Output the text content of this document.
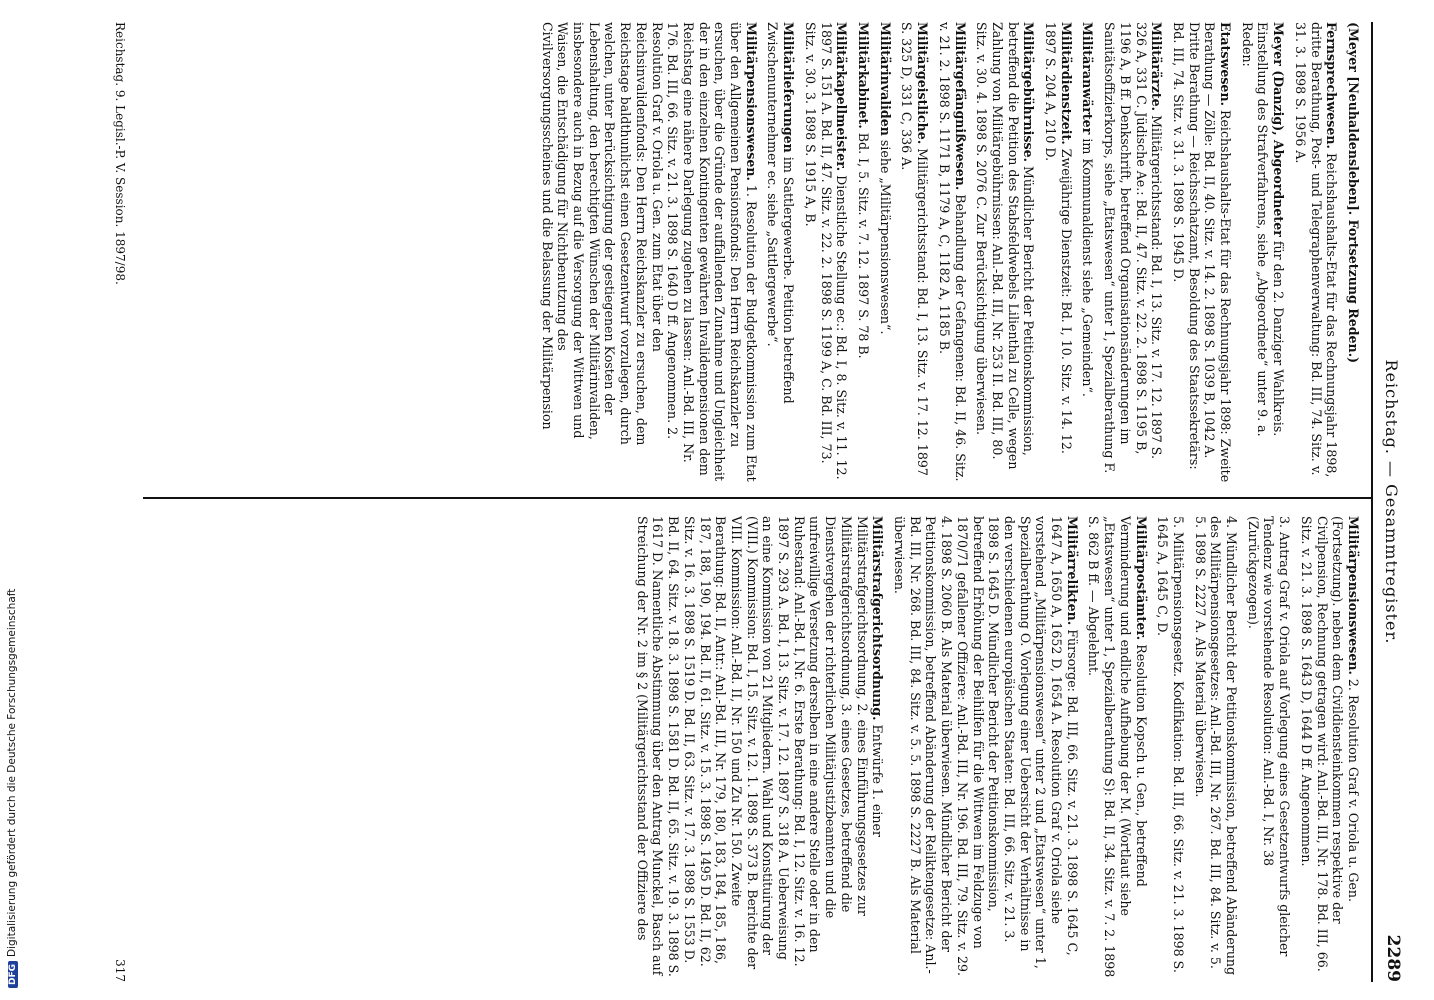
Reichstag. — Gesammtregister.
2289
(Meyer [Neuhaldensleben]. Fortsetzung Reden.)
Fernsprechwesen. Reichshaushalts-Etat für das Rechnungsjahr 1898, dritte Berathung, Post- und Telegraphenverwaltung: Bd. III, 74. Sitz. v. 31. 3. 1898 S. 1956 A.
Meyer (Danzig), Abgeordneter für den 2. Danziger Wahlkreis. Einstellung des Strafverfahrens, siehe „Abgeordnete“ unter 9. a. Reden:
Etatswesen. Reichshaushalts-Etat für das Rechnungsjahr 1898: Zweite Berathung — Zölle: Bd. II, 40. Sitz. v. 14. 2. 1898 S. 1039 B, 1042 A. Dritte Berathung — Reichsschatzamt, Besoldung des Staatssekretärs: Bd. III, 74. Sitz. v. 31. 3. 1898 S. 1945 D.
Militärärzte. Militärgerichtsstand: Bd. I, 13. Sitz. v. 17. 12. 1897 S. 326 A, 331 C. Jüdische Ae.: Bd. II, 47. Sitz. v. 22. 2. 1898 S. 1195 B, 1196 A, B ff. Denkschrift, betreffend Organisationsänderungen im Sanitätsoffizierkorps, siehe „Etatswesen“ unter 1, Spezialberathung F.
Militäranwärter im Kommunaldienst siehe „Gemeinden“.
Militärdienstzeit. Zweijährige Dienstzeit: Bd. I, 10. Sitz. v. 14. 12. 1897 S. 204 A, 210 D.
Militärgebührnisse. Mündlicher Bericht der Petitionskommission, betreffend die Petition des Stabsfeldwebels Lilienthal zu Celle, wegen Zahlung von Militärgebührnissen: Anl.-Bd. III, Nr. 253 II. Bd. III, 80. Sitz. v. 30. 4. 1898 S. 2076 C. Zur Berücksichtigung überwiesen.
Militärgefängnißwesen. Behandlung der Gefangenen: Bd. II, 46. Sitz. v. 21. 2. 1898 S. 1171 B, 1179 A, C, 1182 A, 1185 B.
Militärgeistliche. Militärgerichtsstand: Bd. I, 13. Sitz. v. 17. 12. 1897 S. 325 D, 331 C, 336 A.
Militärinvaliden siehe „Militärpensionswesen“.
Militärkabinet. Bd. I, 5. Sitz. v. 7. 12. 1897 S. 78 B.
Militärkapellmeister. Dienstliche Stellung ec.: Bd. I, 8. Sitz. v. 11. 12. 1897 S. 151 A. Bd. II, 47. Sitz. v. 22. 2. 1898 S. 1199 A, C. Bd. III, 73. Sitz. v. 30. 3. 1898 S. 1915 A, B.
Militärlieferungen im Sattlergewerbe. Petition betreffend Zwischenunternehmer ec. siehe „Sattlergewerbe“.
Militärpensionswesen. 1. Resolution der Budgetkommission zum Etat über den Allgemeinen Pensionsfonds: Den Herrn Reichskanzler zu ersuchen, über die Gründe der auffallenden Zunahme und Ungleichheit der in den einzelnen Kontingenten gewährten Invalidenpensionen dem Reichstag eine nähere Darlegung zugehen zu lassen: Anl.-Bd. III, Nr. 176. Bd. III, 66. Sitz. v. 21. 3. 1898 S. 1640 D ff. Angenommen. 2. Resolution Graf v. Oriola u. Gen. zum Etat über den Reichsinvalidenfonds: Den Herrn Reichskanzler zu ersuchen, dem Reichstage baldthunlichst einen Gesetzentwurf vorzulegen, durch welchen, unter Berücksichtigung der gestiegenen Kosten der Lebenshaltung, den berechtigten Wünschen der Militärinvaliden, insbesondere auch in Bezug auf die Versorgung der Wittwen und Waisen, die Entschädigung für Nichtbenutzung des Civilversorgungsscheines und die Belassung der Militärpension
Militärpensionswesen. 2. Resolution Graf v. Oriola u. Gen. (Fortsetzung). neben dem Civildiensteinkommen respektive der Civilpension, Rechnung getragen wird: Anl.-Bd. III, Nr. 178. Bd. III, 66. Sitz. v. 21. 3. 1898 S. 1643 D, 1644 D ff. Angenommen.
3. Antrag Graf v. Oriola auf Vorlegung eines Gesetzentwurfs gleicher Tendenz wie vorstehende Resolution: Anl.-Bd. I, Nr. 38 (Zurückgezogen).
4. Mündlicher Bericht der Petitionskommission, betreffend Abänderung des Militärpensionsgesetzes: Anl.-Bd. III, Nr. 267. Bd. III, 84. Sitz. v. 5. 5. 1898 S. 2227 A. Als Material überwiesen.
5. Militärpensionsgesetz. Kodifikation: Bd. III, 66. Sitz. v. 21. 3. 1898 S. 1645 A, 1645 C, D.
Militärpostämter. Resolution Kopsch u. Gen., betreffend Verminderung und endliche Aufhebung der M. (Wortlaut siehe „Etatswesen“ unter 1, Spezialberathung S): Bd. II, 34. Sitz. v. 7. 2. 1898 S. 862 B ff. — Abgelehnt.
Militärrelikten. Fürsorge: Bd. III, 66. Sitz. v. 21. 3. 1898 S. 1645 C, 1647 A, 1650 A, 1652 D, 1654 A. Resolution Graf v. Oriola siehe vorstehend „Militärpensionswesen“ unter 2 und „Etatswesen“ unter 1, Spezialberathung O. Vorlegung einer Uebersicht der Verhältnisse in den verschiedenen europäischen Staaten: Bd. III, 66. Sitz. v. 21. 3. 1898 S. 1645 D. Mündlicher Bericht der Petitionskommission, betreffend Erhöhung der Beihilfen für die Wittwen im Feldzuge von 1870/71 gefallener Offiziere: Anl.-Bd. III, Nr. 196. Bd. III, 79. Sitz. v. 29. 4. 1898 S. 2060 B. Als Material überwiesen. Mündlicher Bericht der Petitionskommission, betreffend Abänderung der Reliktengesetze: Anl.-Bd. III, Nr. 268. Bd. III, 84. Sitz. v. 5. 5. 1898 S. 2227 B. Als Material überwiesen.
Militärstrafgerichtsordnung. Entwürfe 1. einer Militärstrafgerichtsordnung, 2. eines Einführungsgesetzes zur Militärstrafgerichtsordnung, 3. eines Gesetzes, betreffend die Dienstvergehen der richterlichen Militärjustizbeamten und die unfreiwillige Versetzung derselben in eine andere Stelle oder in den Ruhestand: Anl.-Bd. I, Nr. 6. Erste Berathung: Bd. I, 12. Sitz. v. 16. 12. 1897 S. 293 A. Bd. I, 13. Sitz. v. 17. 12. 1897 S. 318 A. Ueberweisung an eine Kommission von 21 Mitgliedern. Wahl und Konstituirung der (VIII.) Kommission: Bd. I, 15. Sitz. v. 12. 1. 1898 S. 373 B. Berichte der VIII. Kommission: Anl.-Bd. II, Nr. 150 und Zu Nr. 150. Zweite Berathung: Bd. II, Antr.: Anl.-Bd. III, Nr. 179, 180, 183, 184, 185, 186, 187, 188, 190, 194. Bd. II, 61. Sitz. v. 15. 3. 1898 S. 1495 D. Bd. II, 62. Sitz. v. 16. 3. 1898 S. 1519 D. Bd. II, 63. Sitz. v. 17. 3. 1898 S. 1553 D. Bd. II, 64. Sitz. v. 18. 3. 1898 S. 1581 D. Bd. II, 65. Sitz. v. 19. 3. 1898 S. 1617 D. Namentliche Abstimmung über den Antrag Munckel, Basch auf Streichung der Nr. 2 im § 2 (Militärgerichtsstand der Offiziere des
Reichstag. 9. Legisl.-P. V. Session. 1897/98.
317
DFGDigitalisierung gefördert durch die Deutsche Forschungsgemeinschaft
